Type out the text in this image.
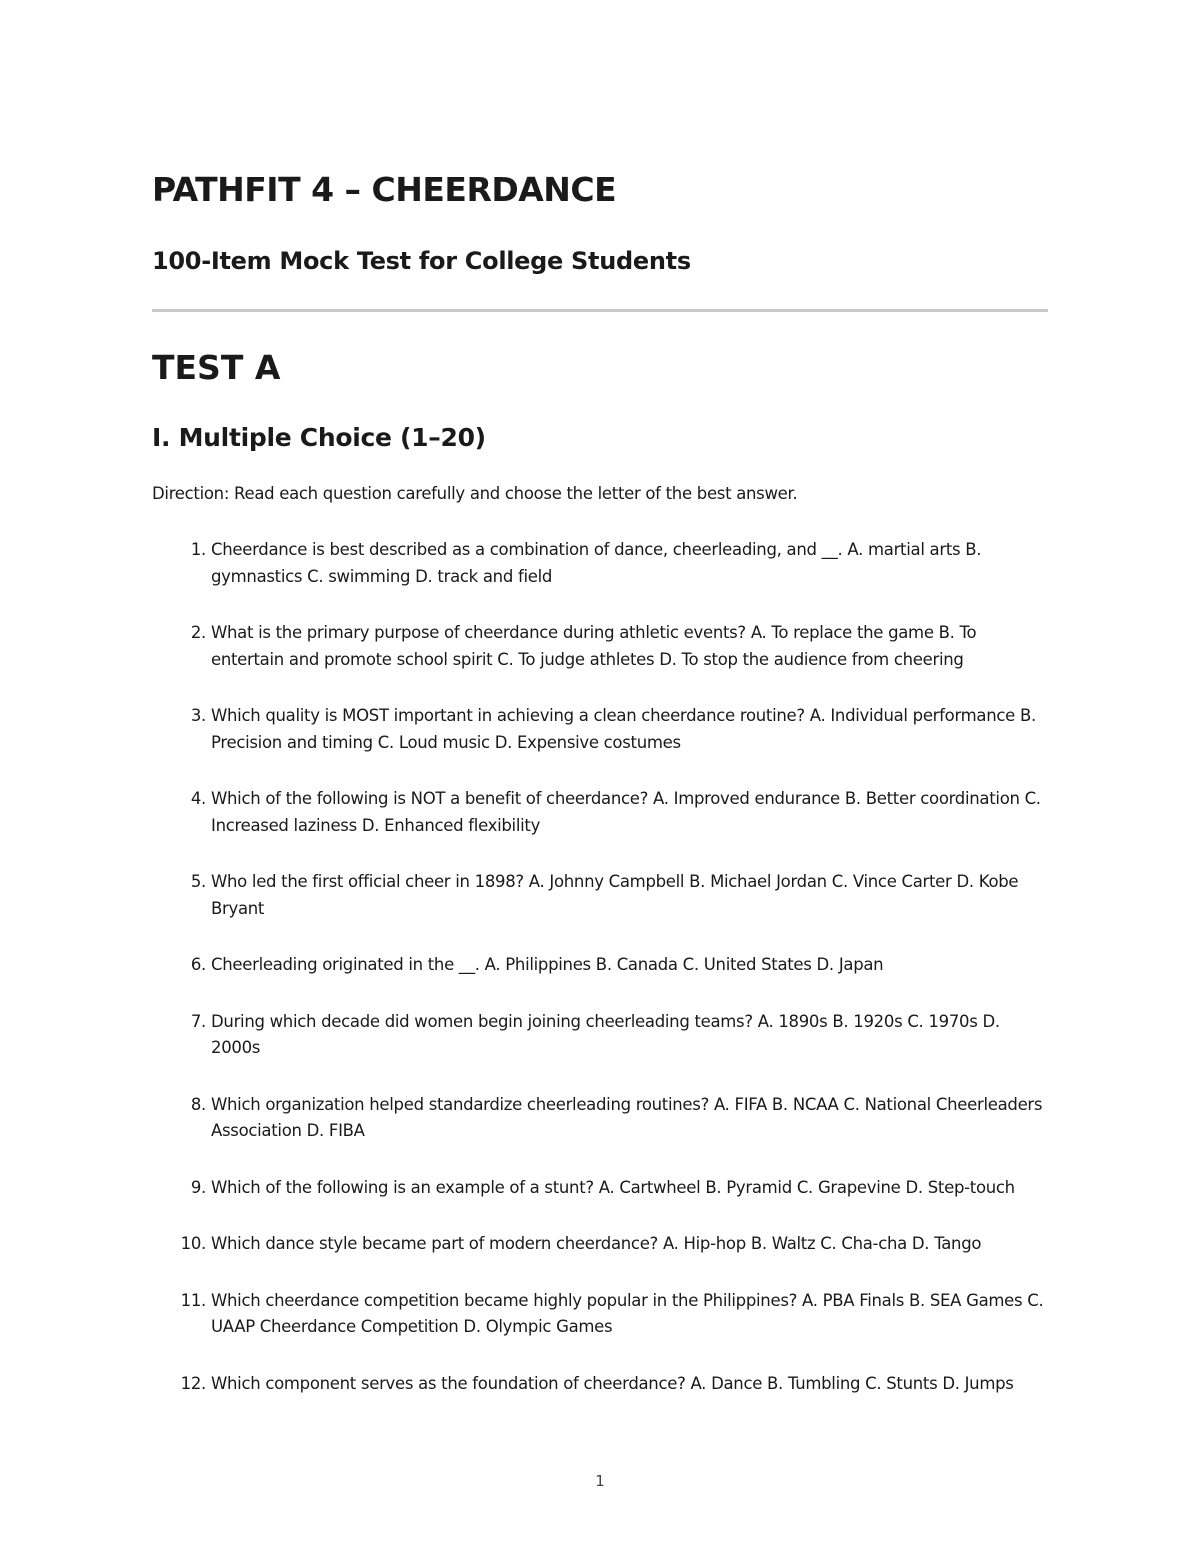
PATHFIT 4 – CHEERDANCE
100-Item Mock Test for College Students
TEST A
I. Multiple Choice (1–20)

Direction: Read each question carefully and choose the letter of the best answer.

1. Cheerdance is best described as a combination of dance, cheerleading, and __. A. martial arts B. gymnastics C. swimming D. track and field
2. What is the primary purpose of cheerdance during athletic events? A. To replace the game B. To entertain and promote school spirit C. To judge athletes D. To stop the audience from cheering
3. Which quality is MOST important in achieving a clean cheerdance routine? A. Individual performance B. Precision and timing C. Loud music D. Expensive costumes
4. Which of the following is NOT a benefit of cheerdance? A. Improved endurance B. Better coordination C. Increased laziness D. Enhanced flexibility
5. Who led the first official cheer in 1898? A. Johnny Campbell B. Michael Jordan C. Vince Carter D. Kobe Bryant
6. Cheerleading originated in the __. A. Philippines B. Canada C. United States D. Japan
7. During which decade did women begin joining cheerleading teams? A. 1890s B. 1920s C. 1970s D. 2000s
8. Which organization helped standardize cheerleading routines? A. FIFA B. NCAA C. National Cheerleaders Association D. FIBA
9. Which of the following is an example of a stunt? A. Cartwheel B. Pyramid C. Grapevine D. Step-touch
10. Which dance style became part of modern cheerdance? A. Hip-hop B. Waltz C. Cha-cha D. Tango
11. Which cheerdance competition became highly popular in the Philippines? A. PBA Finals B. SEA Games C. UAAP Cheerdance Competition D. Olympic Games
12. Which component serves as the foundation of cheerdance? A. Dance B. Tumbling C. Stunts D. Jumps
1
